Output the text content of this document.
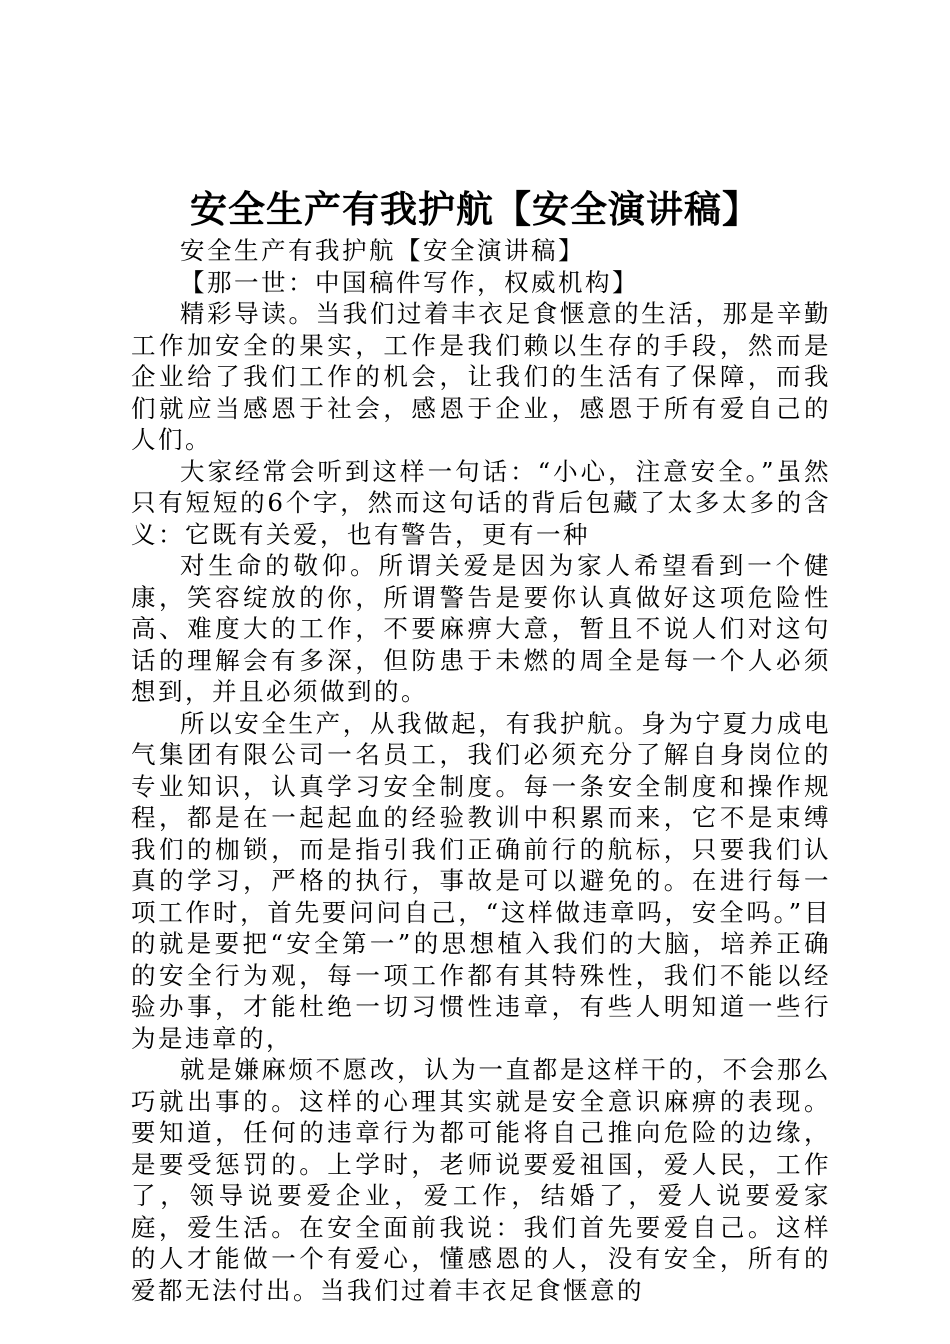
安全生产有我护航【安全演讲稿】

安全生产有我护航【安全演讲稿】

【那一世：中国稿件写作，权威机构】

精彩导读。当我们过着丰衣足食惬意的生活，那是辛勤工作加安全的果实，工作是我们赖以生存的手段，然而是企业给了我们工作的机会，让我们的生活有了保障，而我们就应当感恩于社会，感恩于企业，感恩于所有爱自己的人们。

大家经常会听到这样一句话：“小心，注意安全。”虽然只有短短的6个字，然而这句话的背后包藏了太多太多的含义：它既有关爱，也有警告，更有一种

对生命的敬仰。所谓关爱是因为家人希望看到一个健康，笑容绽放的你，所谓警告是要你认真做好这项危险性高、难度大的工作，不要麻痹大意，暂且不说人们对这句话的理解会有多深，但防患于未燃的周全是每一个人必须想到，并且必须做到的。

所以安全生产，从我做起，有我护航。身为宁夏力成电气集团有限公司一名员工，我们必须充分了解自身岗位的专业知识，认真学习安全制度。每一条安全制度和操作规程，都是在一起起血的经验教训中积累而来，它不是束缚我们的枷锁，而是指引我们正确前行的航标，只要我们认真的学习，严格的执行，事故是可以避免的。在进行每一项工作时，首先要问问自己，“这样做违章吗，安全吗。”目的就是要把“安全第一”的思想植入我们的大脑，培养正确的安全行为观，每一项工作都有其特殊性，我们不能以经验办事，才能杜绝一切习惯性违章，有些人明知道一些行为是违章的，

就是嫌麻烦不愿改，认为一直都是这样干的，不会那么巧就出事的。这样的心理其实就是安全意识麻痹的表现。要知道，任何的违章行为都可能将自己推向危险的边缘，是要受惩罚的。上学时，老师说要爱祖国，爱人民，工作了，领导说要爱企业，爱工作，结婚了，爱人说要爱家庭，爱生活。在安全面前我说：我们首先要爱自己。这样的人才能做一个有爱心，懂感恩的人，没有安全，所有的爱都无法付出。当我们过着丰衣足食惬意的
